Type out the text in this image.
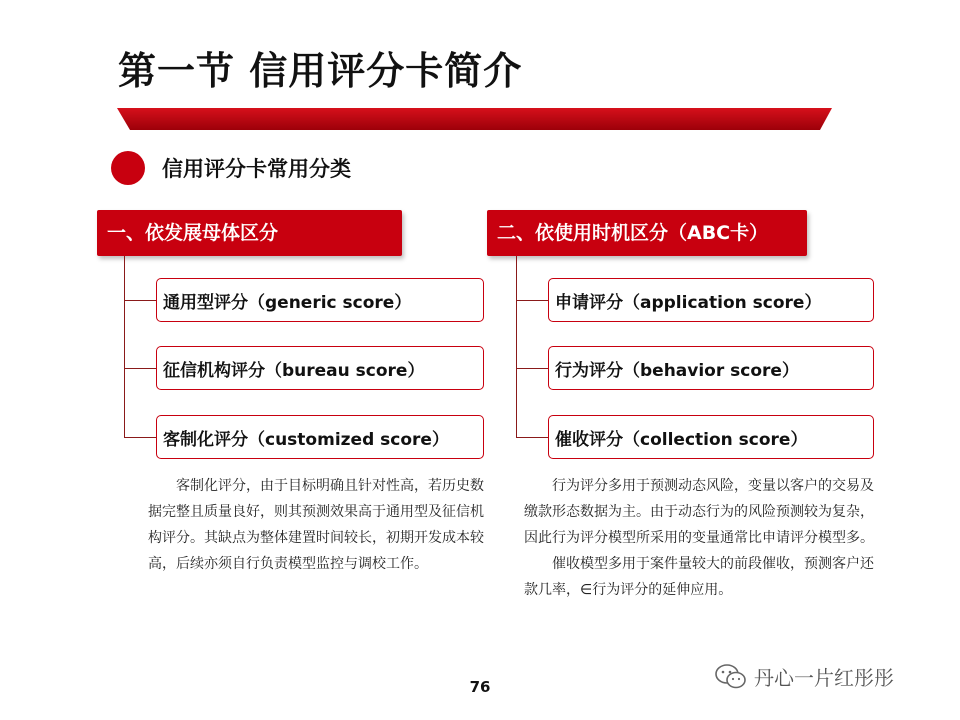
第一节 信用评分卡简介
信用评分卡常用分类
一、依发展母体区分
通用型评分（generic score）
征信机构评分（bureau score）
客制化评分（customized score）

客制化评分，由于目标明确且针对性高，若历史数据完整且质量良好，则其预测效果高于通用型及征信机构评分。其缺点为整体建置时间较长，初期开发成本较高，后续亦须自行负责模型监控与调校工作。

二、依使用时机区分（ABC卡）
申请评分（application score）
行为评分（behavior score）
催收评分（collection score）

行为评分多用于预测动态风险，变量以客户的交易及缴款形态数据为主。由于动态行为的风险预测较为复杂，因此行为评分模型所采用的变量通常比申请评分模型多。

催收模型多用于案件量较大的前段催收，预测客户还款几率，∈行为评分的延伸应用。

76	丹心一片红彤彤
